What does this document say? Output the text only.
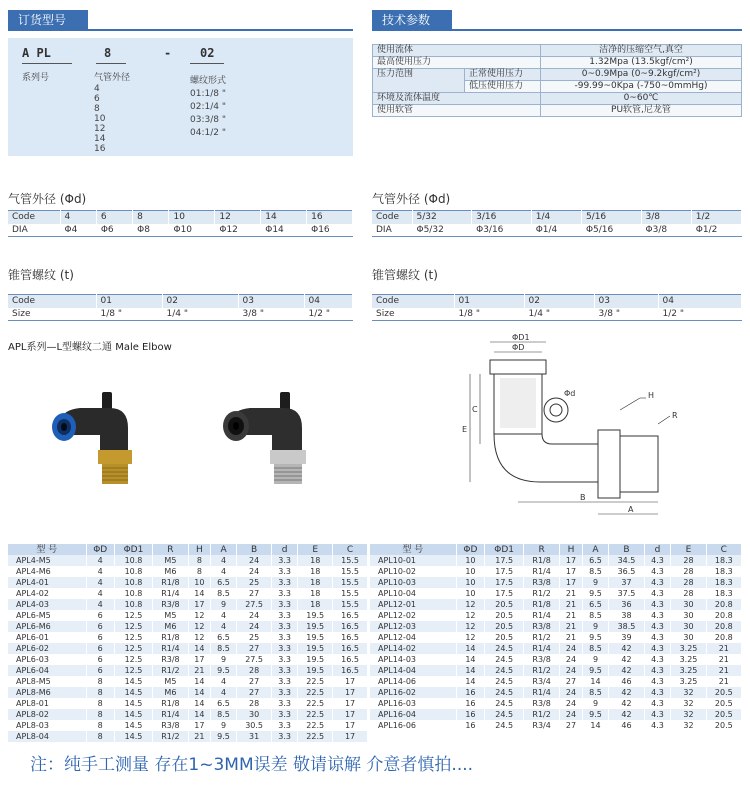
订货型号
A PL	8	- 02
系列号	气管外径
4
6
8
10
12
14
16
螺纹形式
01:1/8 "
02:1/4 "
03:3/8 "
04:1/2 "
技术参数
使用流体		洁净的压缩空气,真空
最高使用压力		1.32Mpa (13.5kgf/cm²)
压力范围	正常使用压力	0~0.9Mpa (0~9.2kgf/cm²)
	低压使用压力	-99.99~0Kpa (-750~0mmHg)
环境及流体温度		0~60℃
使用软管		PU软管,尼龙管
气管外径 (Φd)
Code	4	6	8	10	12	14	16
DIA	Φ4	Φ6	Φ8	Φ10	Φ12	Φ14	Φ16
气管外径 (Φd)
Code	5/32	3/16	1/4	5/16	3/8	1/2
DIA	Φ5/32	Φ3/16	Φ1/4	Φ5/16	Φ3/8	Φ1/2
锥管螺纹 (t)
Code	01	02	03	04
Size	1/8 "	1/4 "	3/8 "	1/2 "
锥管螺纹 (t)
Code	01	02	03	04
Size	1/8 "	1/4 "	3/8 "	1/2 "
APL系列—L型螺纹二通 Male Elbow
ΦD1
ΦD
E
C
Φd	H
R
A
B
型 号	ΦD	ΦD1	R	H	A	B	d	E	C
APL4-M5	4	10.8	M5	8	4	24	3.3	18	15.5
APL4-M6	4	10.8	M6	8	4	24	3.3	18	15.5
APL4-01	4	10.8	R1/8	10	6.5	25	3.3	18	15.5
APL4-02	4	10.8	R1/4	14	8.5	27	3.3	18	15.5
APL4-03	4	10.8	R3/8	17	9	27.5	3.3	18	15.5
APL6-M5	6	12.5	M5	12	4	24	3.3	19.5	16.5
APL6-M6	6	12.5	M6	12	4	24	3.3	19.5	16.5
APL6-01	6	12.5	R1/8	12	6.5	25	3.3	19.5	16.5
APL6-02	6	12.5	R1/4	14	8.5	27	3.3	19.5	16.5
APL6-03	6	12.5	R3/8	17	9	27.5	3.3	19.5	16.5
APL6-04	6	12.5	R1/2	21	9.5	28	3.3	19.5	16.5
APL8-M5	8	14.5	M5	14	4	27	3.3	22.5	17
APL8-M6	8	14.5	M6	14	4	27	3.3	22.5	17
APL8-01	8	14.5	R1/8	14	6.5	28	3.3	22.5	17
APL8-02	8	14.5	R1/4	14	8.5	30	3.3	22.5	17
APL8-03	8	14.5	R3/8	17	9	30.5	3.3	22.5	17
APL8-04	8	14.5	R1/2	21	9.5	31	3.3	22.5	17
型 号	ΦD	ΦD1	R	H	A	B	d	E	C
APL10-01	10	17.5	R1/8	17	6.5	34.5	4.3	28	18.3
APL10-02	10	17.5	R1/4	17	8.5	36.5	4.3	28	18.3
APL10-03	10	17.5	R3/8	17	9	37	4.3	28	18.3
APL10-04	10	17.5	R1/2	21	9.5	37.5	4.3	28	18.3
APL12-01	12	20.5	R1/8	21	6.5	36	4.3	30	20.8
APL12-02	12	20.5	R1/4	21	8.5	38	4.3	30	20.8
APL12-03	12	20.5	R3/8	21	9	38.5	4.3	30	20.8
APL12-04	12	20.5	R1/2	21	9.5	39	4.3	30	20.8
APL14-02	14	24.5	R1/4	24	8.5	42	4.3	3.25	21
APL14-03	14	24.5	R3/8	24	9	42	4.3	3.25	21
APL14-04	14	24.5	R1/2	24	9.5	42	4.3	3.25	21
APL14-06	14	24.5	R3/4	27	14	46	4.3	3.25	21
APL16-02	16	24.5	R1/4	24	8.5	42	4.3	32	20.5
APL16-03	16	24.5	R3/8	24	9	42	4.3	32	20.5
APL16-04	16	24.5	R1/2	24	9.5	42	4.3	32	20.5
APL16-06	16	24.5	R3/4	27	14	46	4.3	32	20.5
注：纯手工测量 存在1~3MM误差 敬请谅解 介意者慎拍....
